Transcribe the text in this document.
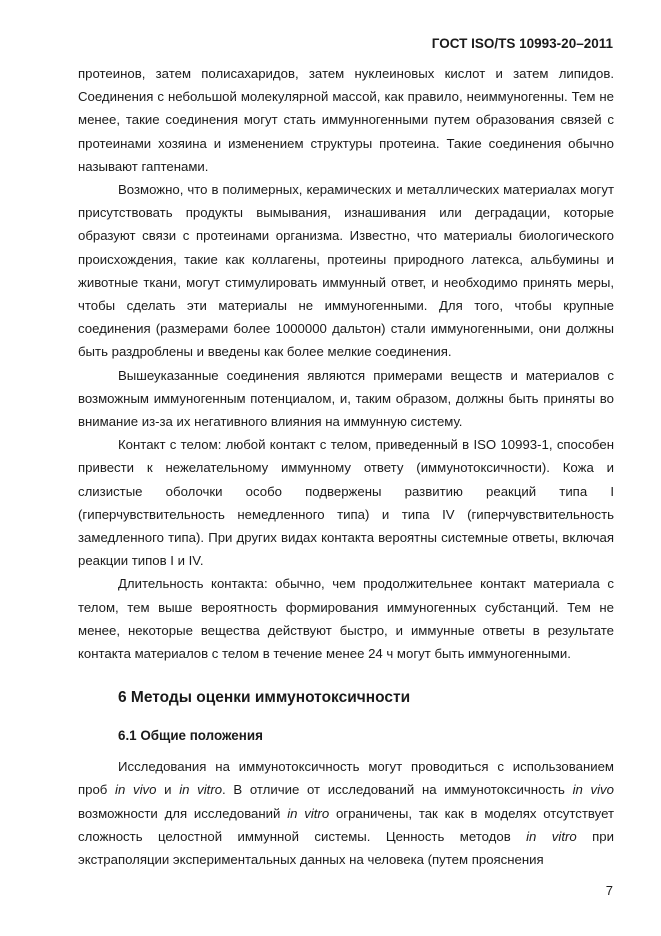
ГОСТ ISO/TS 10993-20–2011

протеинов, затем полисахаридов, затем нуклеиновых кислот и затем липидов. Соединения с небольшой молекулярной массой, как правило, неиммуногенны. Тем не менее, такие соединения могут стать иммунногенными путем образования связей с протеинами хозяина и изменением структуры протеина. Такие соединения обычно называют гаптенами.

Возможно, что в полимерных, керамических и металлических материалах могут присутствовать продукты вымывания, изнашивания или деградации, которые образуют связи с протеинами организма. Известно, что материалы биологического происхождения, такие как коллагены, протеины природного латекса, альбумины и животные ткани, могут стимулировать иммунный ответ, и необходимо принять меры, чтобы сделать эти материалы не иммуногенными. Для того, чтобы крупные соединения (размерами более 1000000 дальтон) стали иммуногенными, они должны быть раздроблены и введены как более мелкие соединения.

Вышеуказанные соединения являются примерами веществ и материалов с возможным иммуногенным потенциалом, и, таким образом, должны быть приняты во внимание из-за их негативного влияния на иммунную систему.

Контакт с телом: любой контакт с телом, приведенный в ISO 10993-1, способен привести к нежелательному иммунному ответу (иммунотоксичности). Кожа и слизистые оболочки особо подвержены развитию реакций типа I (гиперчувствительность немедленного типа) и типа IV (гиперчувствительность замедленного типа). При других видах контакта вероятны системные ответы, включая реакции типов I и IV.

Длительность контакта: обычно, чем продолжительнее контакт материала с телом, тем выше вероятность формирования иммуногенных субстанций. Тем не менее, некоторые вещества действуют быстро, и иммунные ответы в результате контакта материалов с телом в течение менее 24 ч могут быть иммуногенными.

6 Методы оценки иммунотоксичности
6.1 Общие положения

Исследования на иммунотоксичность могут проводиться с использованием проб in vivo и in vitro. В отличие от исследований на иммунотоксичность in vivo возможности для исследований in vitro ограничены, так как в моделях отсутствует сложность целостной иммунной системы. Ценность методов in vitro при экстраполяции экспериментальных данных на человека (путем прояснения

7
